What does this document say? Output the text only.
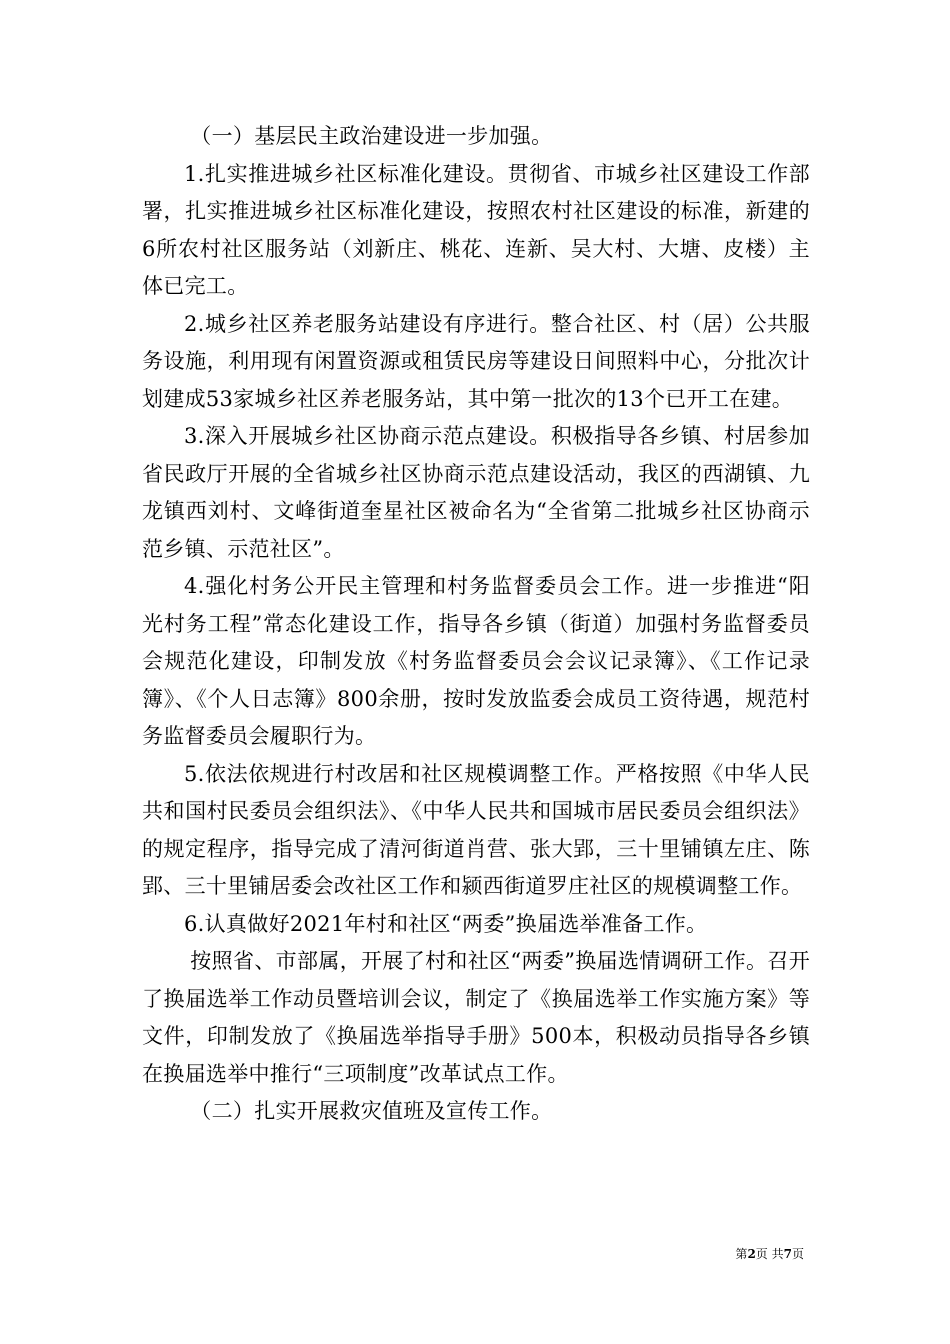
（一）基层民主政治建设进一步加强。

1.扎实推进城乡社区标准化建设。贯彻省、市城乡社区建设工作部署，扎实推进城乡社区标准化建设，按照农村社区建设的标准，新建的6所农村社区服务站（刘新庄、桃花、连新、吴大村、大塘、皮楼）主体已完工。

2.城乡社区养老服务站建设有序进行。整合社区、村（居）公共服务设施，利用现有闲置资源或租赁民房等建设日间照料中心，分批次计划建成53家城乡社区养老服务站，其中第一批次的13个已开工在建。

3.深入开展城乡社区协商示范点建设。积极指导各乡镇、村居参加省民政厅开展的全省城乡社区协商示范点建设活动，我区的西湖镇、九龙镇西刘村、文峰街道奎星社区被命名为“全省第二批城乡社区协商示范乡镇、示范社区”。

4.强化村务公开民主管理和村务监督委员会工作。进一步推进“阳光村务工程”常态化建设工作，指导各乡镇（街道）加强村务监督委员会规范化建设，印制发放《村务监督委员会会议记录簿》、《工作记录簿》、《个人日志簿》800余册，按时发放监委会成员工资待遇，规范村务监督委员会履职行为。

5.依法依规进行村改居和社区规模调整工作。严格按照《中华人民共和国村民委员会组织法》、《中华人民共和国城市居民委员会组织法》的规定程序，指导完成了清河街道肖营、张大郢，三十里铺镇左庄、陈郢、三十里铺居委会改社区工作和颍西街道罗庄社区的规模调整工作。

6.认真做好2021年村和社区“两委”换届选举准备工作。

按照省、市部属，开展了村和社区“两委”换届选情调研工作。召开了换届选举工作动员暨培训会议，制定了《换届选举工作实施方案》等文件，印制发放了《换届选举指导手册》500本，积极动员指导各乡镇在换届选举中推行“三项制度”改革试点工作。

（二）扎实开展救灾值班及宣传工作。

第2页 共7页
